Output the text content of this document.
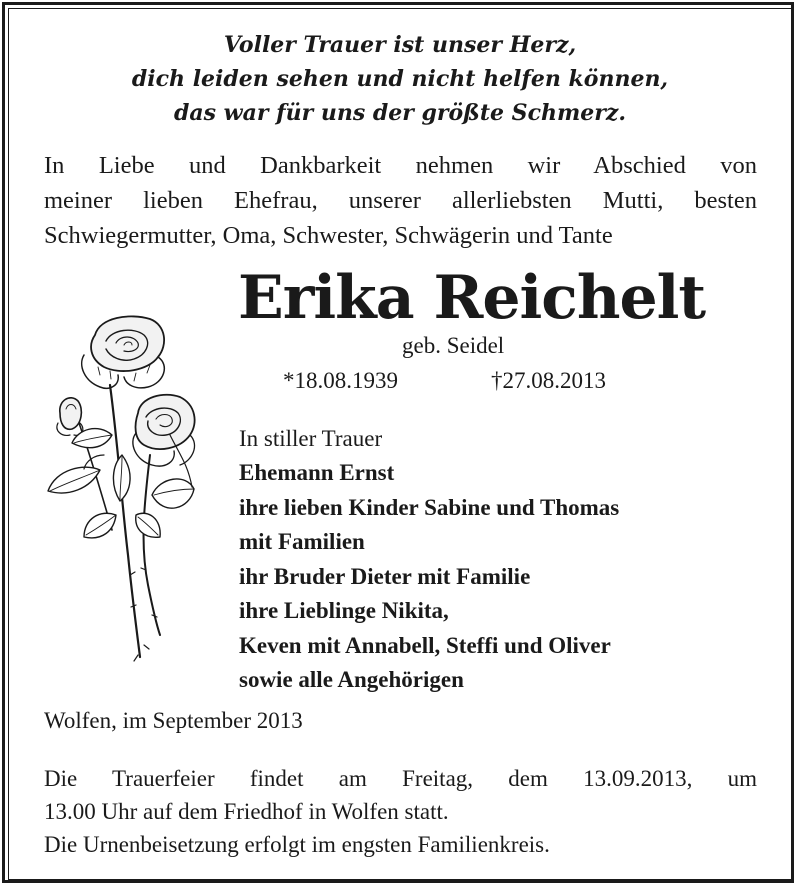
Voller Trauer ist unser Herz,
dich leiden sehen und nicht helfen können,
das war für uns der größte Schmerz.
In Liebe und Dankbarkeit nehmen wir Abschied von
meiner lieben Ehefrau, unserer allerliebsten Mutti, besten
Schwiegermutter, Oma, Schwester, Schwägerin und Tante
Erika Reichelt
geb. Seidel
*18.08.1939	†27.08.2013
In stiller Trauer
Ehemann Ernst
ihre lieben Kinder Sabine und Thomas
mit Familien
ihr Bruder Dieter mit Familie
ihre Lieblinge Nikita,
Keven mit Annabell, Steffi und Oliver
sowie alle Angehörigen
Wolfen, im September 2013
Die Trauerfeier findet am Freitag, dem 13.09.2013, um
13.00 Uhr auf dem Friedhof in Wolfen statt.
Die Urnenbeisetzung erfolgt im engsten Familienkreis.
